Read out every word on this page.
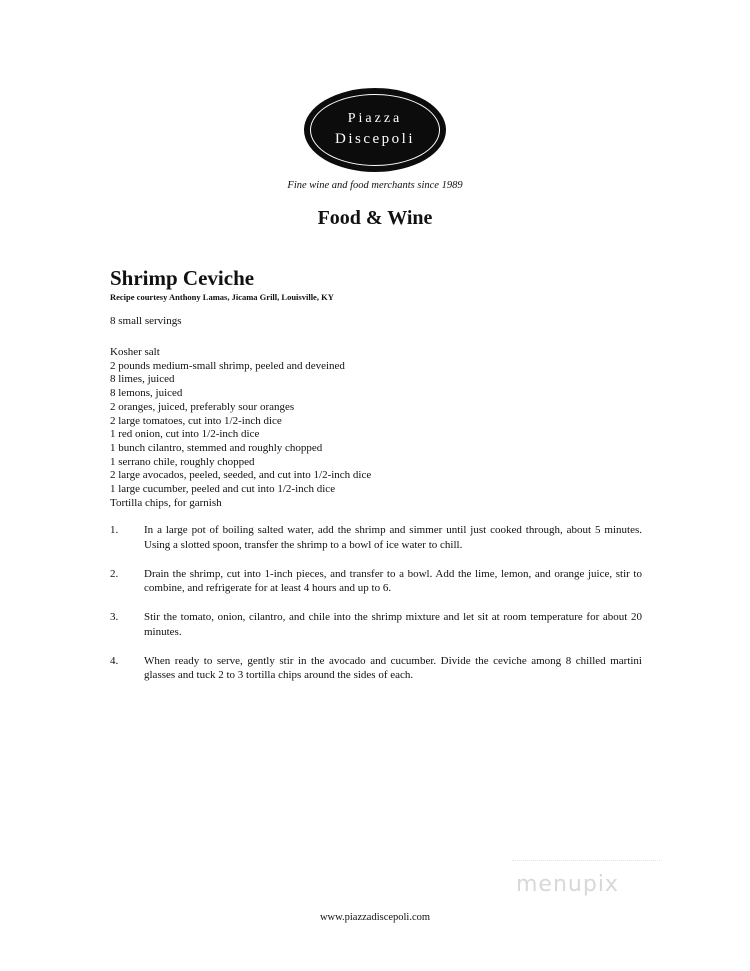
Piazza
Discepoli
Fine wine and food merchants since 1989
Food & Wine
Shrimp Ceviche
Recipe courtesy Anthony Lamas, Jicama Grill, Louisville, KY
8 small servings
Kosher salt
2 pounds medium-small shrimp, peeled and deveined
8 limes, juiced
8 lemons, juiced
2 oranges, juiced, preferably sour oranges
2 large tomatoes, cut into 1/2-inch dice
1 red onion, cut into 1/2-inch dice
1 bunch cilantro, stemmed and roughly chopped
1 serrano chile, roughly chopped
2 large avocados, peeled, seeded, and cut into 1/2-inch dice
1 large cucumber, peeled and cut into 1/2-inch dice
Tortilla chips, for garnish
1.	In a large pot of boiling salted water, add the shrimp and simmer until just cooked through, about 5 minutes. Using a slotted spoon, transfer the shrimp to a bowl of ice water to chill.
2.	Drain the shrimp, cut into 1-inch pieces, and transfer to a bowl. Add the lime, lemon, and orange juice, stir to combine, and refrigerate for at least 4 hours and up to 6.
3.	Stir the tomato, onion, cilantro, and chile into the shrimp mixture and let sit at room temperature for about 20 minutes.
4.	When ready to serve, gently stir in the avocado and cucumber. Divide the ceviche among 8 chilled martini glasses and tuck 2 to 3 tortilla chips around the sides of each.
menupix
www.piazzadiscepoli.com
